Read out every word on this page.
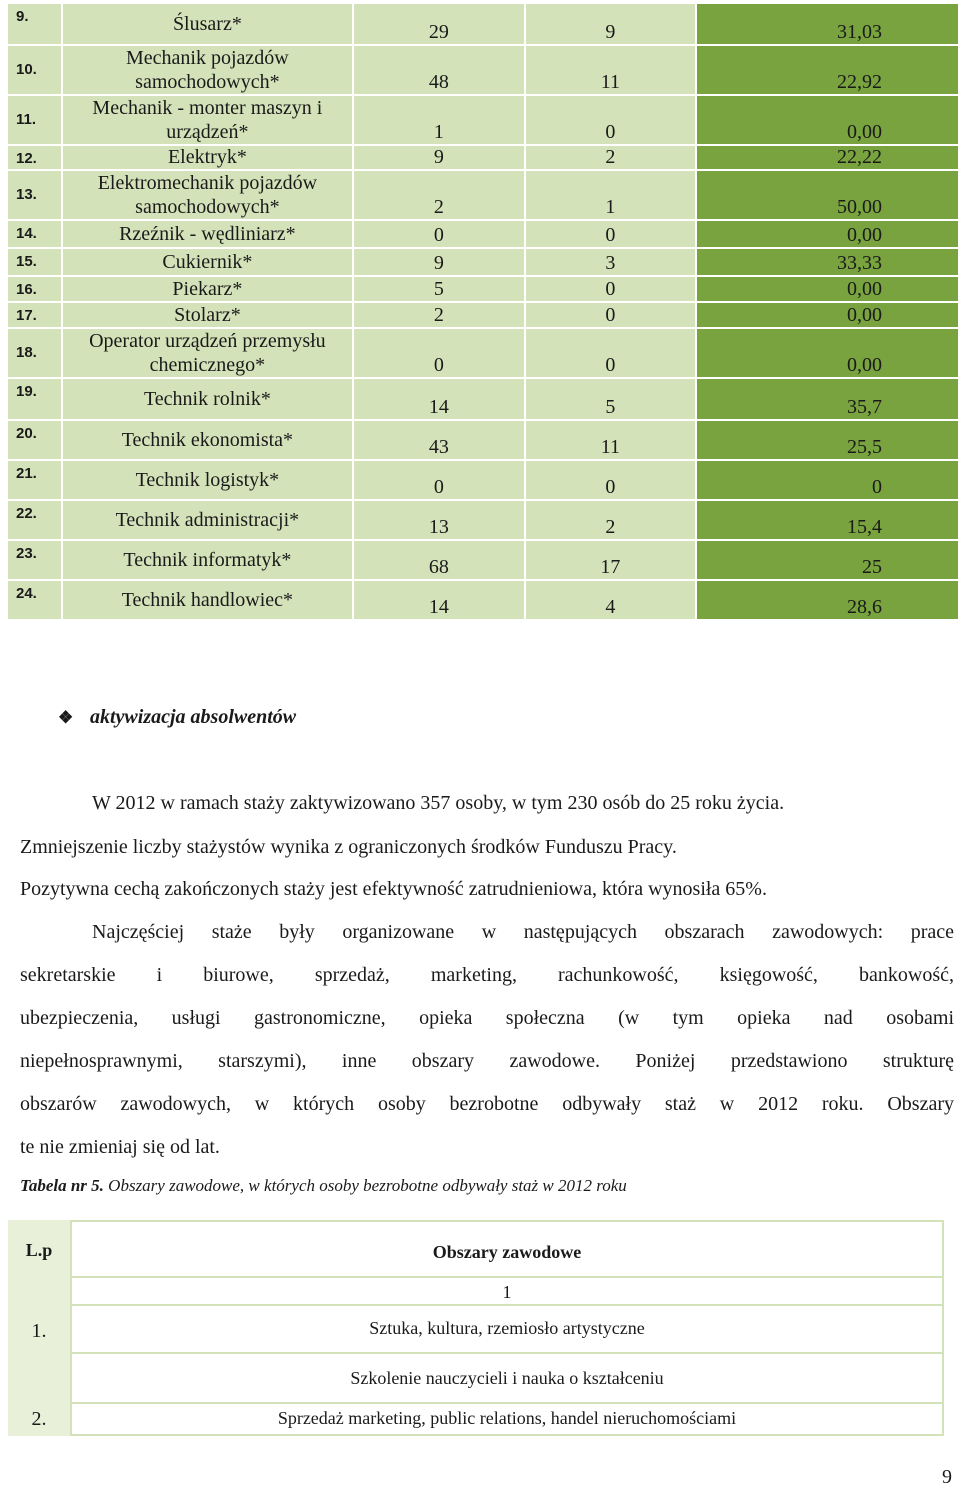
9.	Ślusarz*	29	9	31,03
10.	Mechanik pojazdów samochodowych*	48	11	22,92
11.	Mechanik - monter maszyn i urządzeń*	1	0	0,00
12.	Elektryk*	9	2	22,22
13.	Elektromechanik pojazdów samochodowych*	2	1	50,00
14.	Rzeźnik - wędliniarz*	0	0	0,00
15.	Cukiernik*	9	3	33,33
16.	Piekarz*	5	0	0,00
17.	Stolarz*	2	0	0,00
18.	Operator urządzeń przemysłu chemicznego*	0	0	0,00
19.	Technik rolnik*	14	5	35,7
20.	Technik ekonomista*	43	11	25,5
21.	Technik logistyk*	0	0	0
22.	Technik administracji*	13	2	15,4
23.	Technik informatyk*	68	17	25
24.	Technik handlowiec*	14	4	28,6
❖ aktywizacja absolwentów
W 2012 w ramach staży zaktywizowano 357 osoby, w tym 230 osób do 25 roku życia.
Zmniejszenie liczby stażystów wynika z ograniczonych środków Funduszu Pracy.
Pozytywna cechą zakończonych staży jest efektywność zatrudnieniowa, która wynosiła 65%.
Najczęściej staże były organizowane w następujących obszarach zawodowych: prace
sekretarskie i biurowe, sprzedaż, marketing, rachunkowość, księgowość, bankowość,
ubezpieczenia, usługi gastronomiczne, opieka społeczna (w tym opieka nad osobami
niepełnosprawnymi, starszymi), inne obszary zawodowe. Poniżej przedstawiono strukturę
obszarów zawodowych, w których osoby bezrobotne odbywały staż w 2012 roku. Obszary
te nie zmieniaj się od lat.
Tabela nr 5. Obszary zawodowe, w których osoby bezrobotne odbywały staż w 2012 roku
L.p	Obszary zawodowe
1
1.	Sztuka, kultura, rzemiosło artystyczne
Szkolenie nauczycieli i nauka o kształceniu
2.	Sprzedaż marketing, public relations, handel nieruchomościami
9
